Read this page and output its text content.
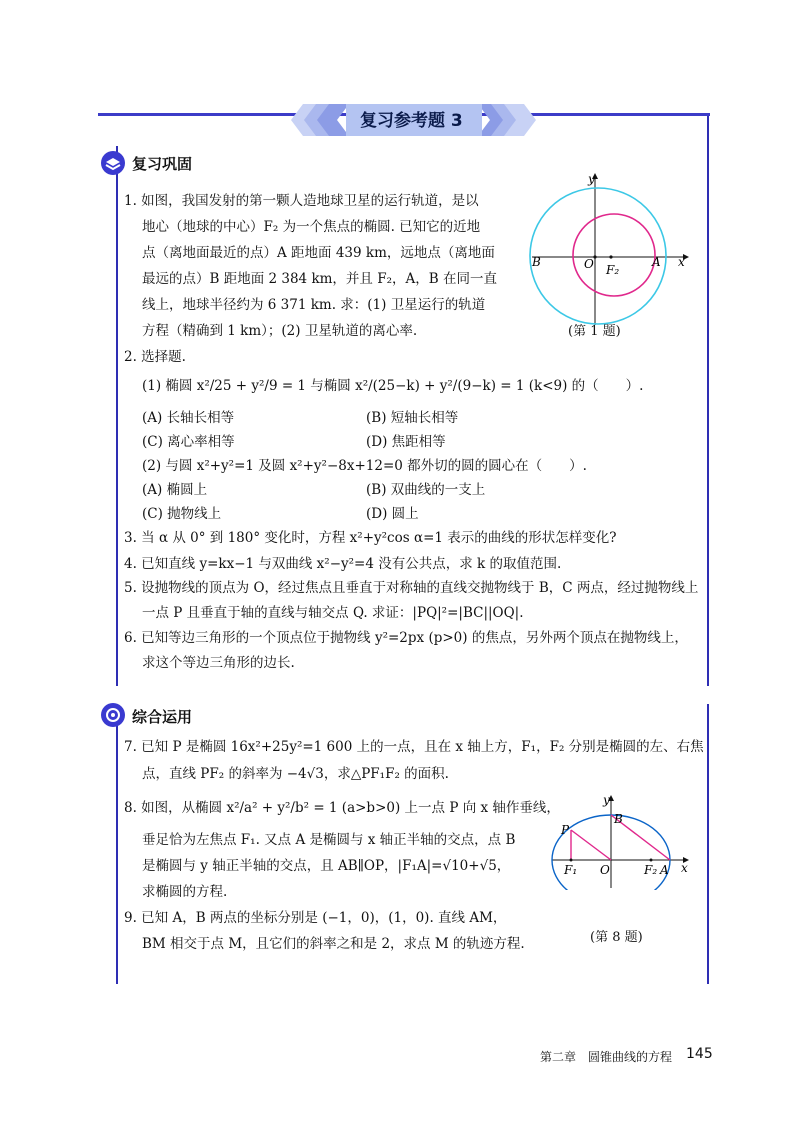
复习参考题 3
复习巩固
1. 如图，我国发射的第一颗人造地球卫星的运行轨道，是以
地心（地球的中心）F₂ 为一个焦点的椭圆. 已知它的近地
点（离地面最近的点）A 距地面 439 km，远地点（离地面
最远的点）B 距地面 2 384 km，并且 F₂，A，B 在同一直
线上，地球半径约为 6 371 km. 求：(1) 卫星运行的轨道
方程（精确到 1 km）；(2) 卫星轨道的离心率.
2. 选择题.
(1) 椭圆 x²/25 + y²/9 = 1 与椭圆 x²/(25−k) + y²/(9−k) = 1 (k<9) 的（　　）.
(A) 长轴长相等	(B) 短轴长相等
(C) 离心率相等	(D) 焦距相等
(2) 与圆 x²+y²=1 及圆 x²+y²−8x+12=0 都外切的圆的圆心在（　　）.
(A) 椭圆上	(B) 双曲线的一支上
(C) 抛物线上	(D) 圆上
3. 当 α 从 0° 到 180° 变化时，方程 x²+y²cos α=1 表示的曲线的形状怎样变化?
4. 已知直线 y=kx−1 与双曲线 x²−y²=4 没有公共点，求 k 的取值范围.
5. 设抛物线的顶点为 O，经过焦点且垂直于对称轴的直线交抛物线于 B，C 两点，经过抛物线上
一点 P 且垂直于轴的直线与轴交点 Q. 求证：|PQ|²=|BC||OQ|.
6. 已知等边三角形的一个顶点位于抛物线 y²=2px (p>0) 的焦点，另外两个顶点在抛物线上，
求这个等边三角形的边长.
y
x
B	O F₂
A
(第 1 题)
综合运用
7. 已知 P 是椭圆 16x²+25y²=1 600 上的一点，且在 x 轴上方，F₁，F₂ 分别是椭圆的左、右焦
点，直线 PF₂ 的斜率为 −4√3，求△PF₁F₂ 的面积.
8. 如图，从椭圆 x²/a² + y²/b² = 1 (a>b>0) 上一点 P 向 x 轴作垂线，
垂足恰为左焦点 F₁. 又点 A 是椭圆与 x 轴正半轴的交点，点 B
是椭圆与 y 轴正半轴的交点，且 AB∥OP，|F₁A|=√10+√5，
求椭圆的方程.
9. 已知 A，B 两点的坐标分别是 (−1，0)，(1，0). 直线 AM，
BM 相交于点 M，且它们的斜率之和是 2，求点 M 的轨迹方程.
y
x
P
B
F₁ O	F₂ A
(第 8 题)
第二章　圆锥曲线的方程 145
